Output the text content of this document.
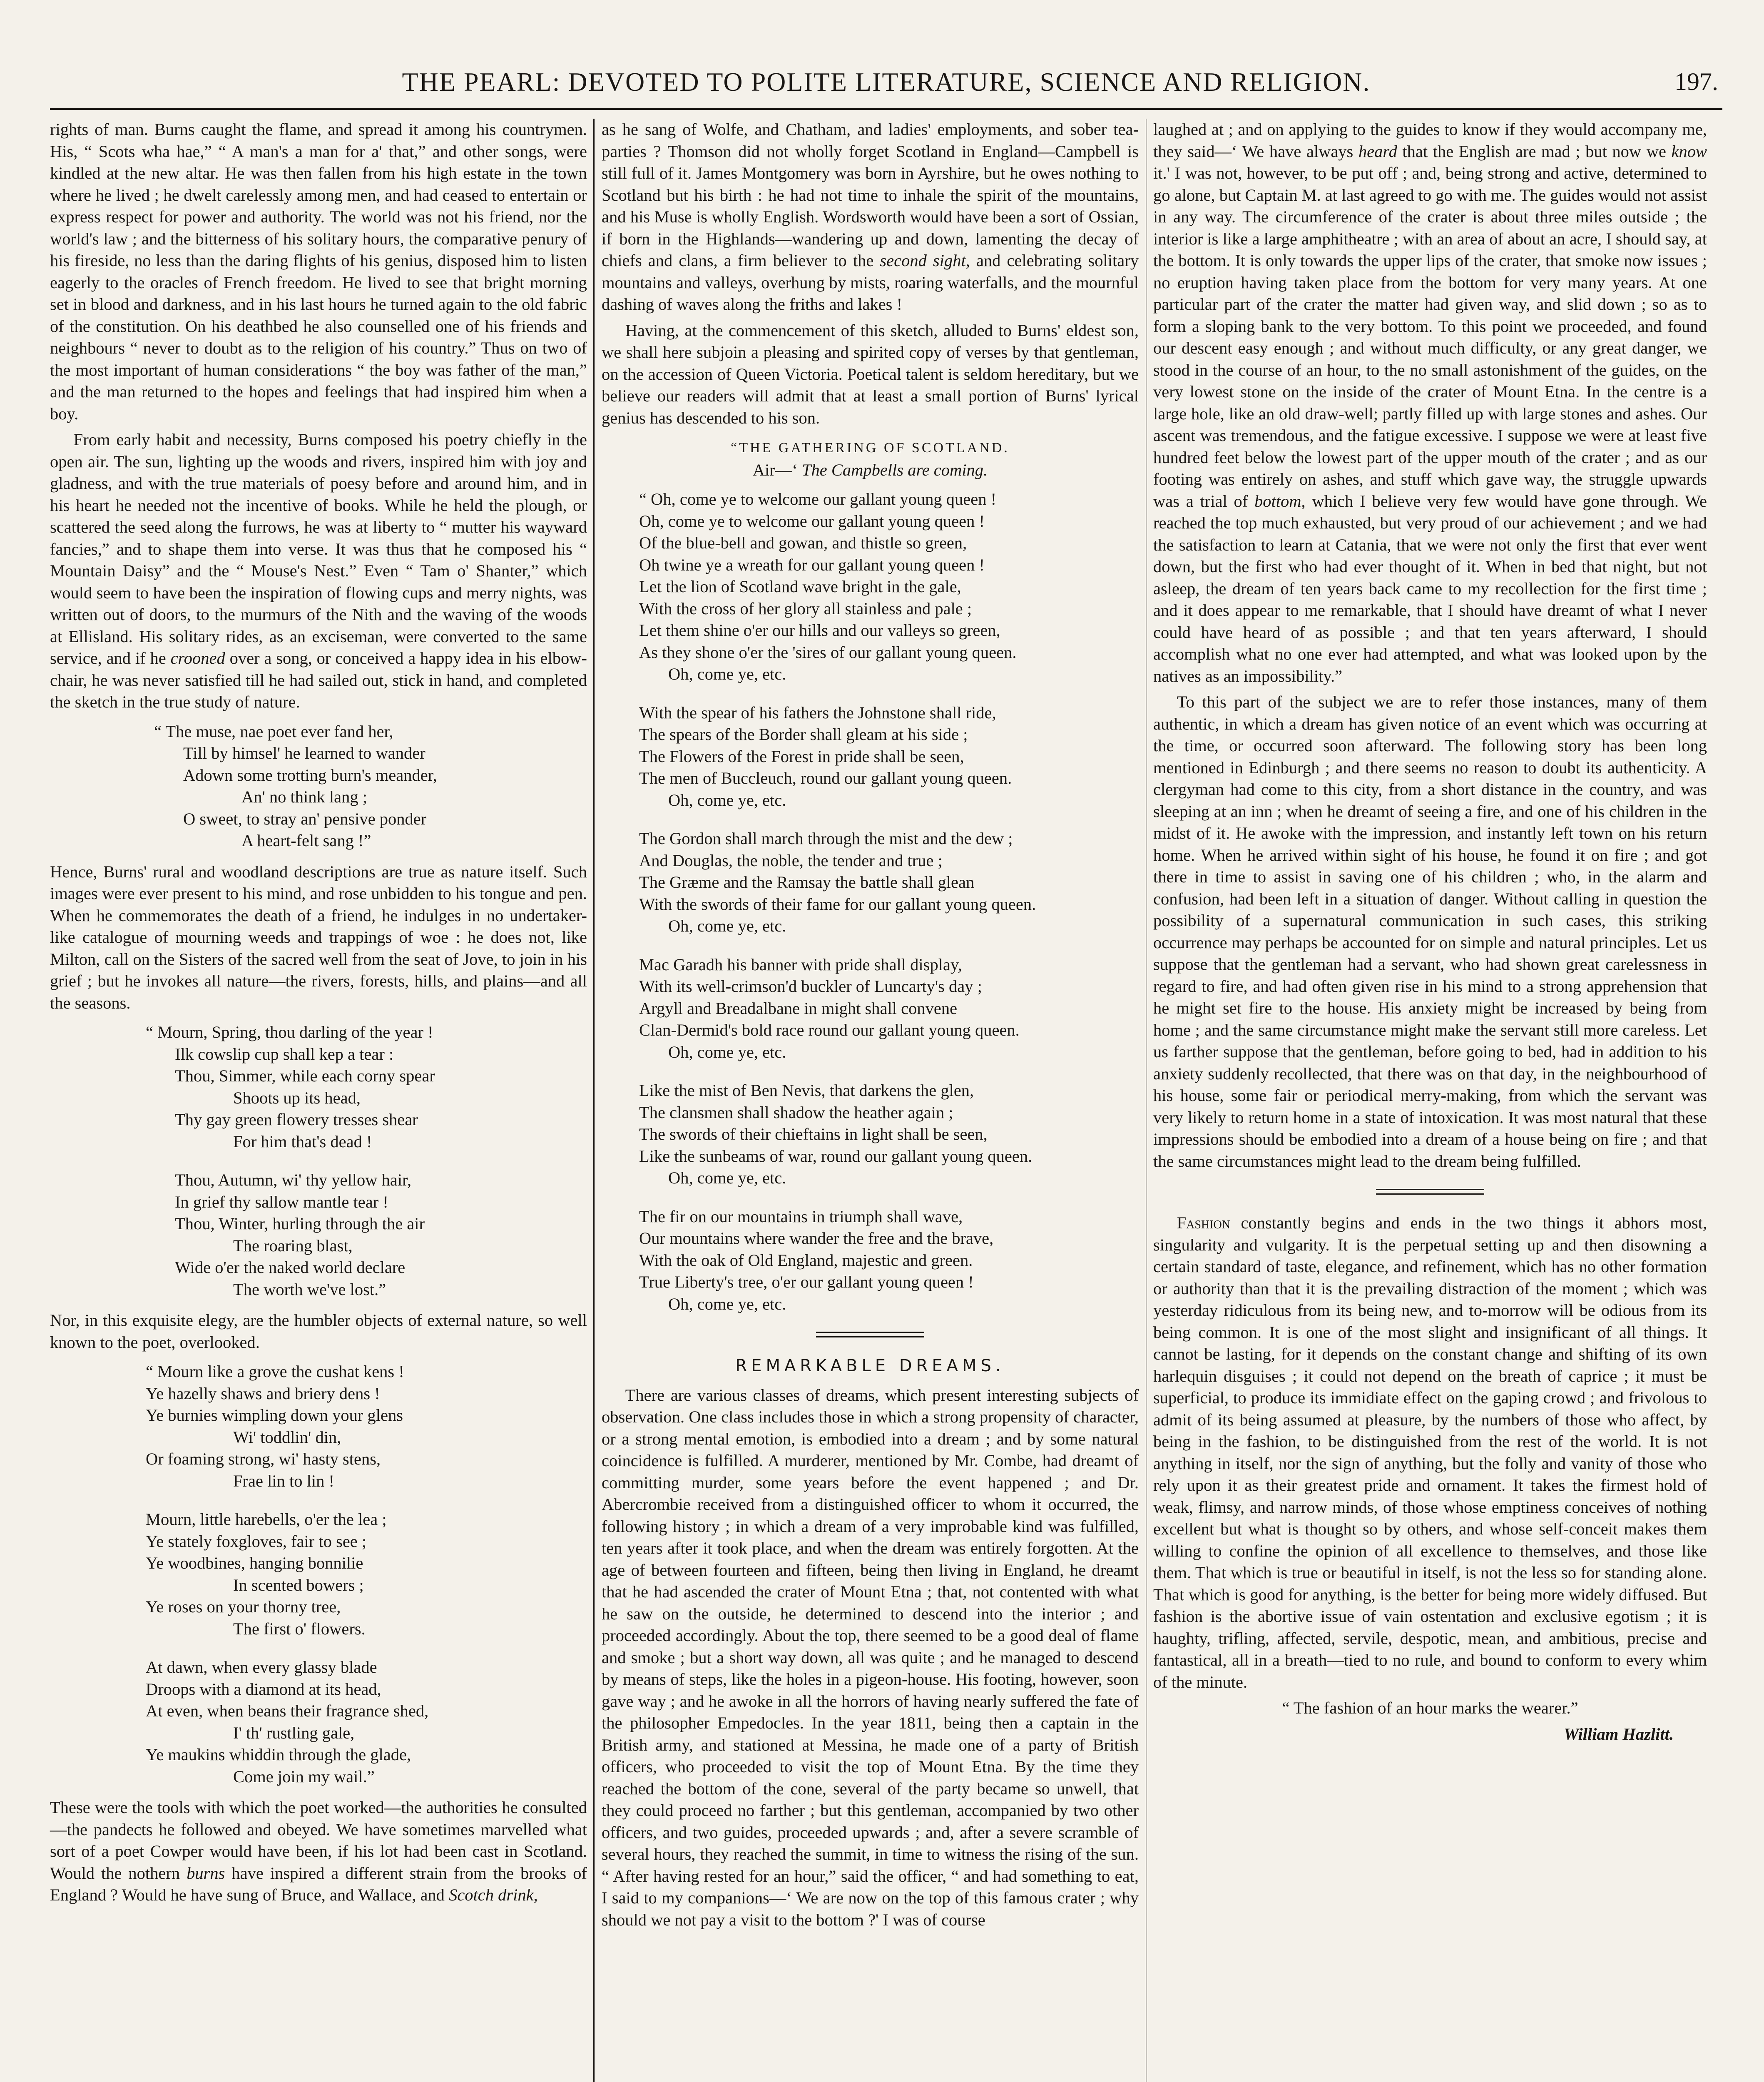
THE PEARL: DEVOTED TO POLITE LITERATURE, SCIENCE AND RELIGION.	197.

rights of man. Burns caught the flame, and spread it among his countrymen. His, “ Scots wha hae,” “ A man's a man for a' that,” and other songs, were kindled at the new altar. He was then fallen from his high estate in the town where he lived ; he dwelt carelessly among men, and had ceased to entertain or express respect for power and authority. The world was not his friend, nor the world's law ; and the bitterness of his solitary hours, the comparative penury of his fireside, no less than the daring flights of his genius, disposed him to listen eagerly to the oracles of French freedom. He lived to see that bright morning set in blood and darkness, and in his last hours he turned again to the old fabric of the constitution. On his deathbed he also counselled one of his friends and neighbours “ never to doubt as to the religion of his country.” Thus on two of the most important of human considerations “ the boy was father of the man,” and the man returned to the hopes and feelings that had inspired him when a boy.

From early habit and necessity, Burns composed his poetry chiefly in the open air. The sun, lighting up the woods and rivers, inspired him with joy and gladness, and with the true materials of poesy before and around him, and in his heart he needed not the incentive of books. While he held the plough, or scattered the seed along the furrows, he was at liberty to “ mutter his wayward fancies,” and to shape them into verse. It was thus that he composed his “ Mountain Daisy” and the “ Mouse's Nest.” Even “ Tam o' Shanter,” which would seem to have been the inspiration of flowing cups and merry nights, was written out of doors, to the murmurs of the Nith and the waving of the woods at Ellisland. His solitary rides, as an exciseman, were converted to the same service, and if he crooned over a song, or conceived a happy idea in his elbow-chair, he was never satisfied till he had sailed out, stick in hand, and completed the sketch in the true study of nature.

“ The muse, nae poet ever fand her,
Till by himsel' he learned to wander
Adown some trotting burn's meander,
An' no think lang ;
O sweet, to stray an' pensive ponder
A heart-felt sang !”

Hence, Burns' rural and woodland descriptions are true as nature itself. Such images were ever present to his mind, and rose unbidden to his tongue and pen. When he commemorates the death of a friend, he indulges in no undertaker-like catalogue of mourning weeds and trappings of woe : he does not, like Milton, call on the Sisters of the sacred well from the seat of Jove, to join in his grief ; but he invokes all nature—the rivers, forests, hills, and plains—and all the seasons.

“ Mourn, Spring, thou darling of the year !
Ilk cowslip cup shall kep a tear :
Thou, Simmer, while each corny spear
Shoots up its head,
Thy gay green flowery tresses shear
For him that's dead !
Thou, Autumn, wi' thy yellow hair,
In grief thy sallow mantle tear !
Thou, Winter, hurling through the air
The roaring blast,
Wide o'er the naked world declare
The worth we've lost.”

Nor, in this exquisite elegy, are the humbler objects of external nature, so well known to the poet, overlooked.

“ Mourn like a grove the cushat kens !
Ye hazelly shaws and briery dens !
Ye burnies wimpling down your glens
Wi' toddlin' din,
Or foaming strong, wi' hasty stens,
Frae lin to lin !
Mourn, little harebells, o'er the lea ;
Ye stately foxgloves, fair to see ;
Ye woodbines, hanging bonnilie
In scented bowers ;
Ye roses on your thorny tree,
The first o' flowers.
At dawn, when every glassy blade
Droops with a diamond at its head,
At even, when beans their fragrance shed,
I' th' rustling gale,
Ye maukins whiddin through the glade,
Come join my wail.”

These were the tools with which the poet worked—the authorities he consulted—the pandects he followed and obeyed. We have sometimes marvelled what sort of a poet Cowper would have been, if his lot had been cast in Scotland. Would the nothern burns have inspired a different strain from the brooks of England ? Would he have sung of Bruce, and Wallace, and Scotch drink,

as he sang of Wolfe, and Chatham, and ladies' employments, and sober tea-parties ? Thomson did not wholly forget Scotland in England—Campbell is still full of it. James Montgomery was born in Ayrshire, but he owes nothing to Scotland but his birth : he had not time to inhale the spirit of the mountains, and his Muse is wholly English. Wordsworth would have been a sort of Ossian, if born in the Highlands—wandering up and down, lamenting the decay of chiefs and clans, a firm believer to the second sight, and celebrating solitary mountains and valleys, overhung by mists, roaring waterfalls, and the mournful dashing of waves along the friths and lakes !

Having, at the commencement of this sketch, alluded to Burns' eldest son, we shall here subjoin a pleasing and spirited copy of verses by that gentleman, on the accession of Queen Victoria. Poetical talent is seldom hereditary, but we believe our readers will admit that at least a small portion of Burns' lyrical genius has descended to his son.

“THE GATHERING OF SCOTLAND.
Air—‘ The Campbells are coming.
“ Oh, come ye to welcome our gallant young queen !
Oh, come ye to welcome our gallant young queen !
Of the blue-bell and gowan, and thistle so green,
Oh twine ye a wreath for our gallant young queen !
Let the lion of Scotland wave bright in the gale,
With the cross of her glory all stainless and pale ;
Let them shine o'er our hills and our valleys so green,
As they shone o'er the 'sires of our gallant young queen.
Oh, come ye, etc.
With the spear of his fathers the Johnstone shall ride,
The spears of the Border shall gleam at his side ;
The Flowers of the Forest in pride shall be seen,
The men of Buccleuch, round our gallant young queen.
Oh, come ye, etc.
The Gordon shall march through the mist and the dew ;
And Douglas, the noble, the tender and true ;
The Græme and the Ramsay the battle shall glean
With the swords of their fame for our gallant young queen.
Oh, come ye, etc.
Mac Garadh his banner with pride shall display,
With its well-crimson'd buckler of Luncarty's day ;
Argyll and Breadalbane in might shall convene
Clan-Dermid's bold race round our gallant young queen.
Oh, come ye, etc.
Like the mist of Ben Nevis, that darkens the glen,
The clansmen shall shadow the heather again ;
The swords of their chieftains in light shall be seen,
Like the sunbeams of war, round our gallant young queen.
Oh, come ye, etc.
The fir on our mountains in triumph shall wave,
Our mountains where wander the free and the brave,
With the oak of Old England, majestic and green.
True Liberty's tree, o'er our gallant young queen !
Oh, come ye, etc.
REMARKABLE DREAMS.

There are various classes of dreams, which present interesting subjects of observation. One class includes those in which a strong propensity of character, or a strong mental emotion, is embodied into a dream ; and by some natural coincidence is fulfilled. A murderer, mentioned by Mr. Combe, had dreamt of committing murder, some years before the event happened ; and Dr. Abercrombie received from a distinguished officer to whom it occurred, the following history ; in which a dream of a very improbable kind was fulfilled, ten years after it took place, and when the dream was entirely forgotten. At the age of between fourteen and fifteen, being then living in England, he dreamt that he had ascended the crater of Mount Etna ; that, not contented with what he saw on the outside, he determined to descend into the interior ; and proceeded accordingly. About the top, there seemed to be a good deal of flame and smoke ; but a short way down, all was quite ; and he managed to descend by means of steps, like the holes in a pigeon-house. His footing, however, soon gave way ; and he awoke in all the horrors of having nearly suffered the fate of the philosopher Empedocles. In the year 1811, being then a captain in the British army, and stationed at Messina, he made one of a party of British officers, who proceeded to visit the top of Mount Etna. By the time they reached the bottom of the cone, several of the party became so unwell, that they could proceed no farther ; but this gentleman, accompanied by two other officers, and two guides, proceeded upwards ; and, after a severe scramble of several hours, they reached the summit, in time to witness the rising of the sun. “ After having rested for an hour,” said the officer, “ and had something to eat, I said to my companions—‘ We are now on the top of this famous crater ; why should we not pay a visit to the bottom ?' I was of course

laughed at ; and on applying to the guides to know if they would accompany me, they said—‘ We have always heard that the English are mad ; but now we know it.' I was not, however, to be put off ; and, being strong and active, determined to go alone, but Captain M. at last agreed to go with me. The guides would not assist in any way. The circumference of the crater is about three miles outside ; the interior is like a large amphitheatre ; with an area of about an acre, I should say, at the bottom. It is only towards the upper lips of the crater, that smoke now issues ; no eruption having taken place from the bottom for very many years. At one particular part of the crater the matter had given way, and slid down ; so as to form a sloping bank to the very bottom. To this point we proceeded, and found our descent easy enough ; and without much difficulty, or any great danger, we stood in the course of an hour, to the no small astonishment of the guides, on the very lowest stone on the inside of the crater of Mount Etna. In the centre is a large hole, like an old draw-well; partly filled up with large stones and ashes. Our ascent was tremendous, and the fatigue excessive. I suppose we were at least five hundred feet below the lowest part of the upper mouth of the crater ; and as our footing was entirely on ashes, and stuff which gave way, the struggle upwards was a trial of bottom, which I believe very few would have gone through. We reached the top much exhausted, but very proud of our achievement ; and we had the satisfaction to learn at Catania, that we were not only the first that ever went down, but the first who had ever thought of it. When in bed that night, but not asleep, the dream of ten years back came to my recollection for the first time ; and it does appear to me remarkable, that I should have dreamt of what I never could have heard of as possible ; and that ten years afterward, I should accomplish what no one ever had attempted, and what was looked upon by the natives as an impossibility.”

To this part of the subject we are to refer those instances, many of them authentic, in which a dream has given notice of an event which was occurring at the time, or occurred soon afterward. The following story has been long mentioned in Edinburgh ; and there seems no reason to doubt its authenticity. A clergyman had come to this city, from a short distance in the country, and was sleeping at an inn ; when he dreamt of seeing a fire, and one of his children in the midst of it. He awoke with the impression, and instantly left town on his return home. When he arrived within sight of his house, he found it on fire ; and got there in time to assist in saving one of his children ; who, in the alarm and confusion, had been left in a situation of danger. Without calling in question the possibility of a supernatural communication in such cases, this striking occurrence may perhaps be accounted for on simple and natural principles. Let us suppose that the gentleman had a servant, who had shown great carelessness in regard to fire, and had often given rise in his mind to a strong apprehension that he might set fire to the house. His anxiety might be increased by being from home ; and the same circumstance might make the servant still more careless. Let us farther suppose that the gentleman, before going to bed, had in addition to his anxiety suddenly recollected, that there was on that day, in the neighbourhood of his house, some fair or periodical merry-making, from which the servant was very likely to return home in a state of intoxication. It was most natural that these impressions should be embodied into a dream of a house being on fire ; and that the same circumstances might lead to the dream being fulfilled.

Fashion constantly begins and ends in the two things it abhors most, singularity and vulgarity. It is the perpetual setting up and then disowning a certain standard of taste, elegance, and refinement, which has no other formation or authority than that it is the prevailing distraction of the moment ; which was yesterday ridiculous from its being new, and to-morrow will be odious from its being common. It is one of the most slight and insignificant of all things. It cannot be lasting, for it depends on the constant change and shifting of its own harlequin disguises ; it could not depend on the breath of caprice ; it must be superficial, to produce its immidiate effect on the gaping crowd ; and frivolous to admit of its being assumed at pleasure, by the numbers of those who affect, by being in the fashion, to be distinguished from the rest of the world. It is not anything in itself, nor the sign of anything, but the folly and vanity of those who rely upon it as their greatest pride and ornament. It takes the firmest hold of weak, flimsy, and narrow minds, of those whose emptiness conceives of nothing excellent but what is thought so by others, and whose self-conceit makes them willing to confine the opinion of all excellence to themselves, and those like them. That which is true or beautiful in itself, is not the less so for standing alone. That which is good for anything, is the better for being more widely diffused. But fashion is the abortive issue of vain ostentation and exclusive egotism ; it is haughty, trifling, affected, servile, despotic, mean, and ambitious, precise and fantastical, all in a breath—tied to no rule, and bound to conform to every whim of the minute.

“ The fashion of an hour marks the wearer.”

William Hazlitt.
